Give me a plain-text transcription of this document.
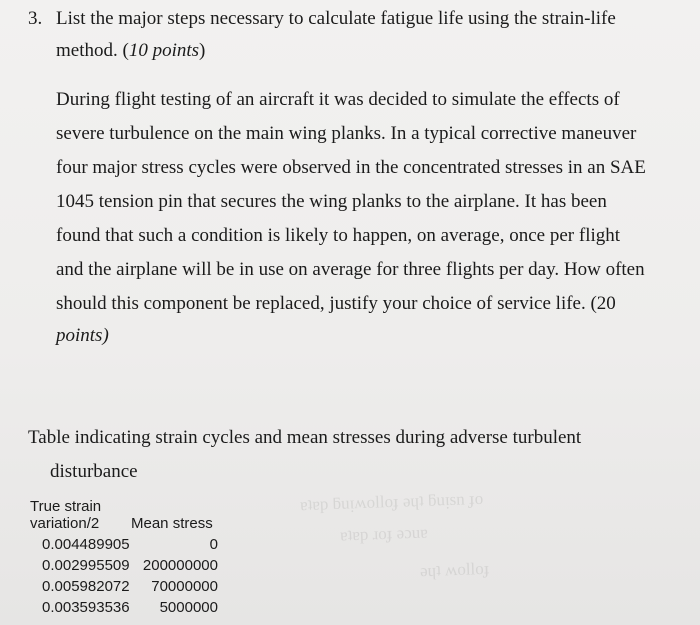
ɐʇɐp ƃuᴉʍolloɟ ǝɥʇ ƃuᴉsn ɟo
ɐʇɐp ɹoɟ ǝɔuɐ
ǝɥʇ ʍolloɟ
3. List the major steps necessary to calculate fatigue life using the strain-life
method. (10 points)
During flight testing of an aircraft it was decided to simulate the effects of
severe turbulence on the main wing planks. In a typical corrective maneuver
four major stress cycles were observed in the concentrated stresses in an SAE
1045 tension pin that secures the wing planks to the airplane. It has been
found that such a condition is likely to happen, on average, once per flight
and the airplane will be in use on average for three flights per day. How often
should this component be replaced, justify your choice of service life. (20
points)
Table indicating strain cycles and mean stresses during adverse turbulent
disturbance
True strain
variation/2 Mean stress
0.004489905	0
0.002995509 200000000
0.005982072	70000000
0.003593536	5000000
